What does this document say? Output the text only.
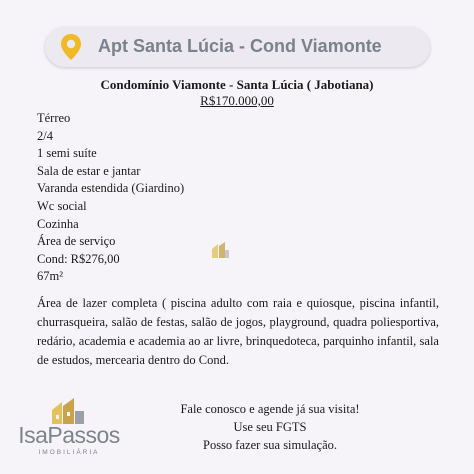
Apt Santa Lúcia - Cond Viamonte
Condomínio Viamonte - Santa Lúcia ( Jabotiana)
R$170.000,00
Térreo
2/4
1 semi suíte
Sala de estar e jantar
Varanda estendida (Giardino)
Wc social
Cozinha
Área de serviço
Cond: R$276,00
67m²

Área de lazer completa ( piscina adulto com raia e quiosque, piscina infantil, churrasqueira, salão de festas, salão de jogos, playground, quadra poliesportiva, redário, academia e academia ao ar livre, brinquedoteca, parquinho infantil, sala de estudos, mercearia dentro do Cond.

Fale conosco e agende já sua visita!
Use seu FGTS
Posso fazer sua simulação.
IsaPassos
IMOBILIÁRIA
